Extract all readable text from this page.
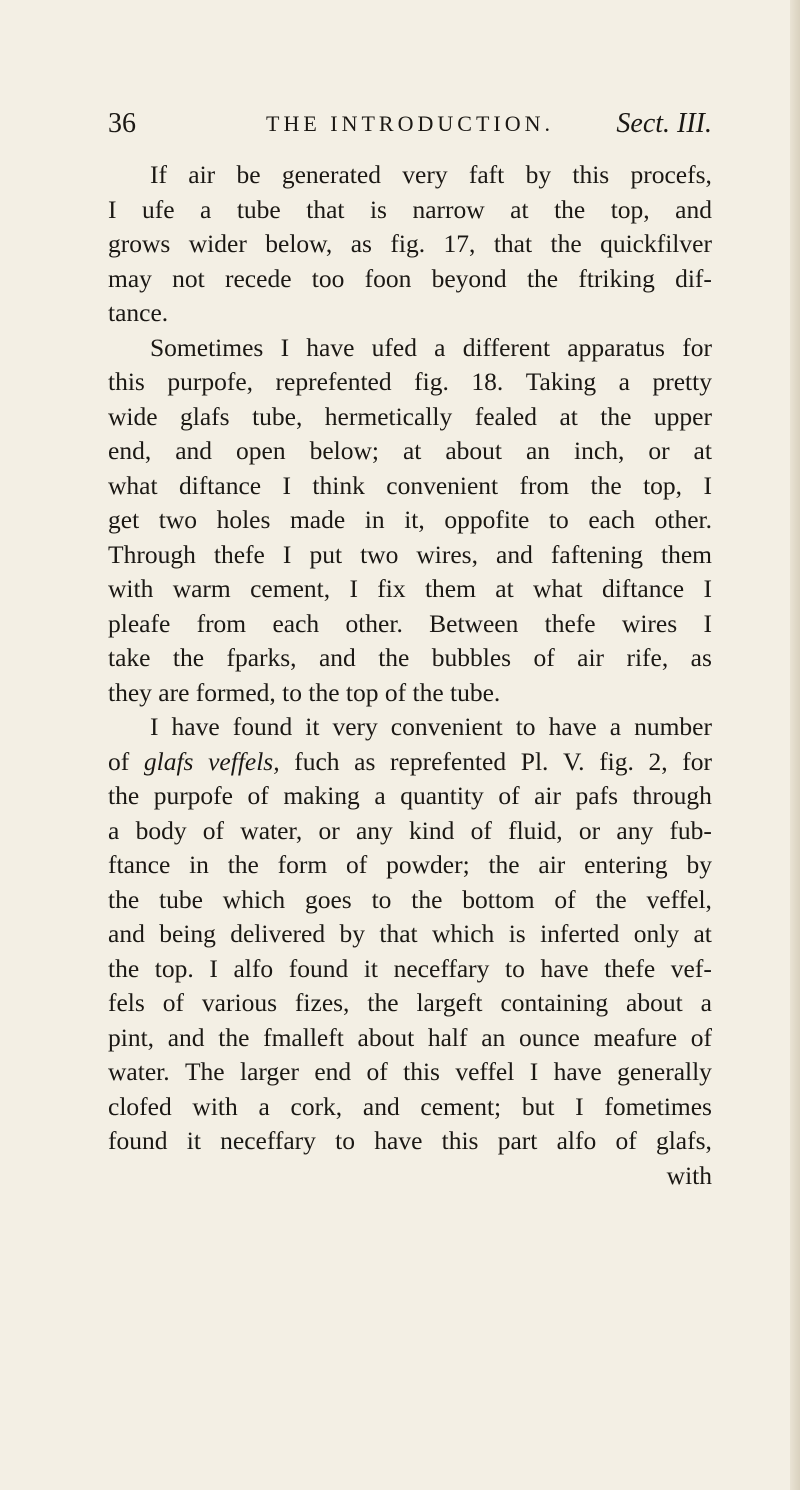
36	THE INTRODUCTION. Sect. III.
If air be generated very faft by this procefs,
I ufe a tube that is narrow at the top, and
grows wider below, as fig. 17, that the quickfilver
may not recede too foon beyond the ftriking dif-
tance.
Sometimes I have ufed a different apparatus for
this purpofe, reprefented fig. 18. Taking a pretty
wide glafs tube, hermetically fealed at the upper
end, and open below; at about an inch, or at
what diftance I think convenient from the top, I
get two holes made in it, oppofite to each other.
Through thefe I put two wires, and faftening them
with warm cement, I fix them at what diftance I
pleafe from each other. Between thefe wires I
take the fparks, and the bubbles of air rife, as
they are formed, to the top of the tube.
I have found it very convenient to have a number
of glafs veffels, fuch as reprefented Pl. V. fig. 2, for
the purpofe of making a quantity of air pafs through
a body of water, or any kind of fluid, or any fub-
ftance in the form of powder; the air entering by
the tube which goes to the bottom of the veffel,
and being delivered by that which is inferted only at
the top. I alfo found it neceffary to have thefe vef-
fels of various fizes, the largeft containing about a
pint, and the fmalleft about half an ounce meafure of
water. The larger end of this veffel I have generally
clofed with a cork, and cement; but I fometimes
found it neceffary to have this part alfo of glafs,
with
